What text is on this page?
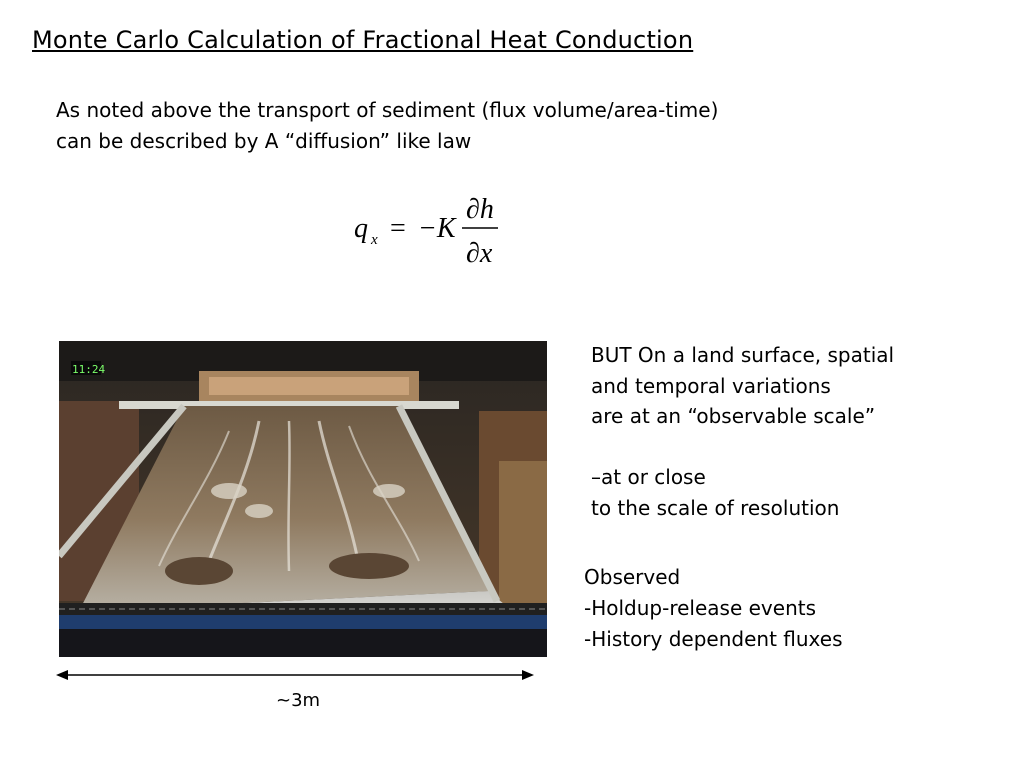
Monte Carlo Calculation of Fractional Heat Conduction
As noted above the transport of sediment (flux volume/area-time)
can be described by A “diffusion” like law
q x = −K
∂h
∂x
11:24
BUT On a land surface, spatial
and temporal variations
are at an “observable scale”
–at or close
to the scale of resolution
Observed
-Holdup-release events
-History dependent fluxes
~3m
